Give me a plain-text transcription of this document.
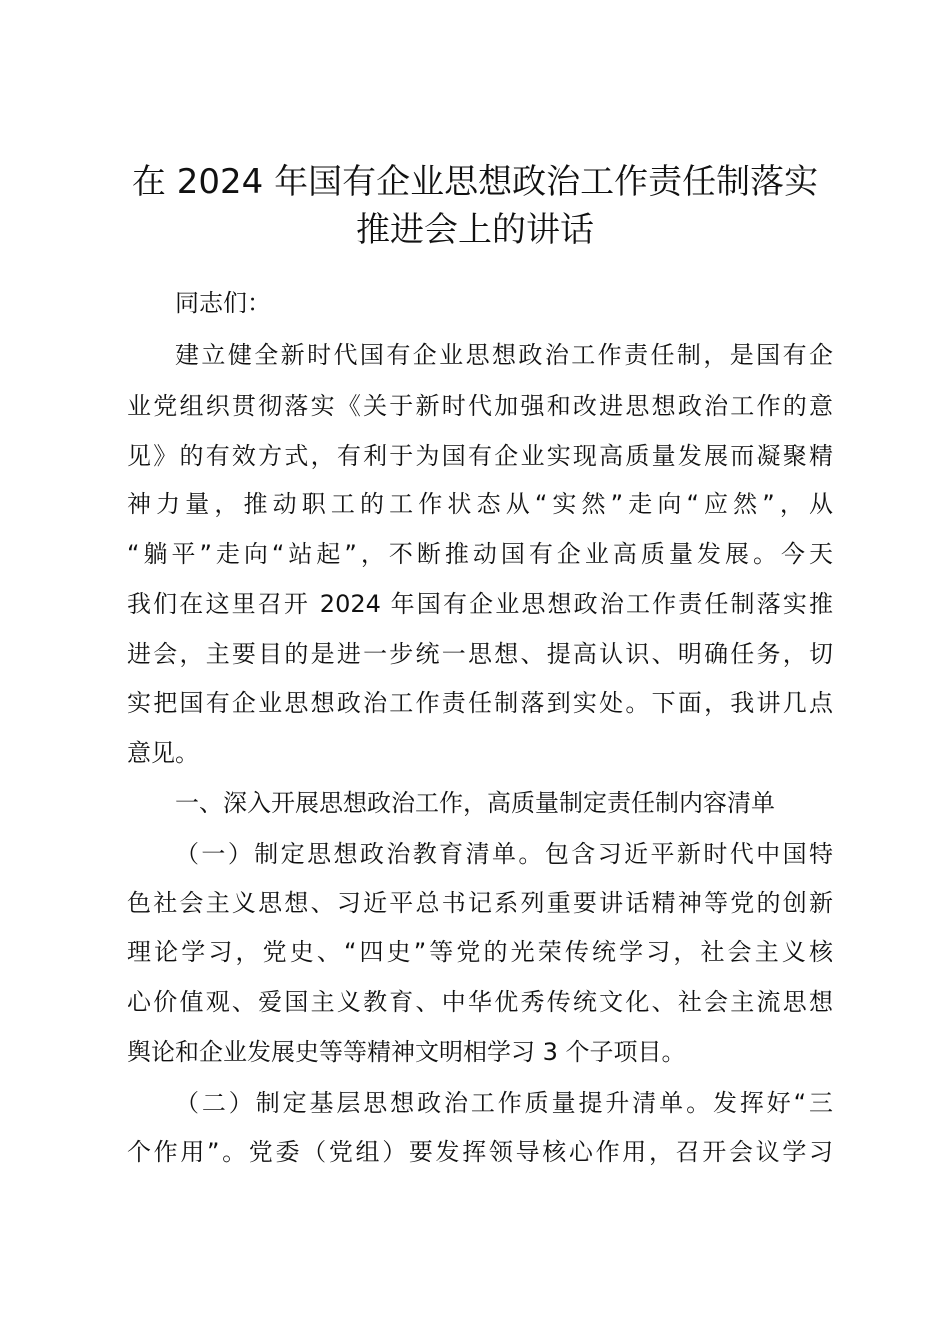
在 2024 年国有企业思想政治工作责任制落实
推进会上的讲话
同志们：
建立健全新时代国有企业思想政治工作责任制，是国有企
业党组织贯彻落实《关于新时代加强和改进思想政治工作的意
见》的有效方式，有利于为国有企业实现高质量发展而凝聚精
神力量，推动职工的工作状态从“实然”走向“应然”，从
“躺平”走向“站起”，不断推动国有企业高质量发展。今天
我们在这里召开 2024 年国有企业思想政治工作责任制落实推
进会，主要目的是进一步统一思想、提高认识、明确任务，切
实把国有企业思想政治工作责任制落到实处。下面，我讲几点
意见。
一、深入开展思想政治工作，高质量制定责任制内容清单
（一）制定思想政治教育清单。包含习近平新时代中国特
色社会主义思想、习近平总书记系列重要讲话精神等党的创新
理论学习，党史、“四史”等党的光荣传统学习，社会主义核
心价值观、爱国主义教育、中华优秀传统文化、社会主流思想
舆论和企业发展史等等精神文明相学习 3 个子项目。
（二）制定基层思想政治工作质量提升清单。发挥好“三
个作用”。党委（党组）要发挥领导核心作用，召开会议学习
